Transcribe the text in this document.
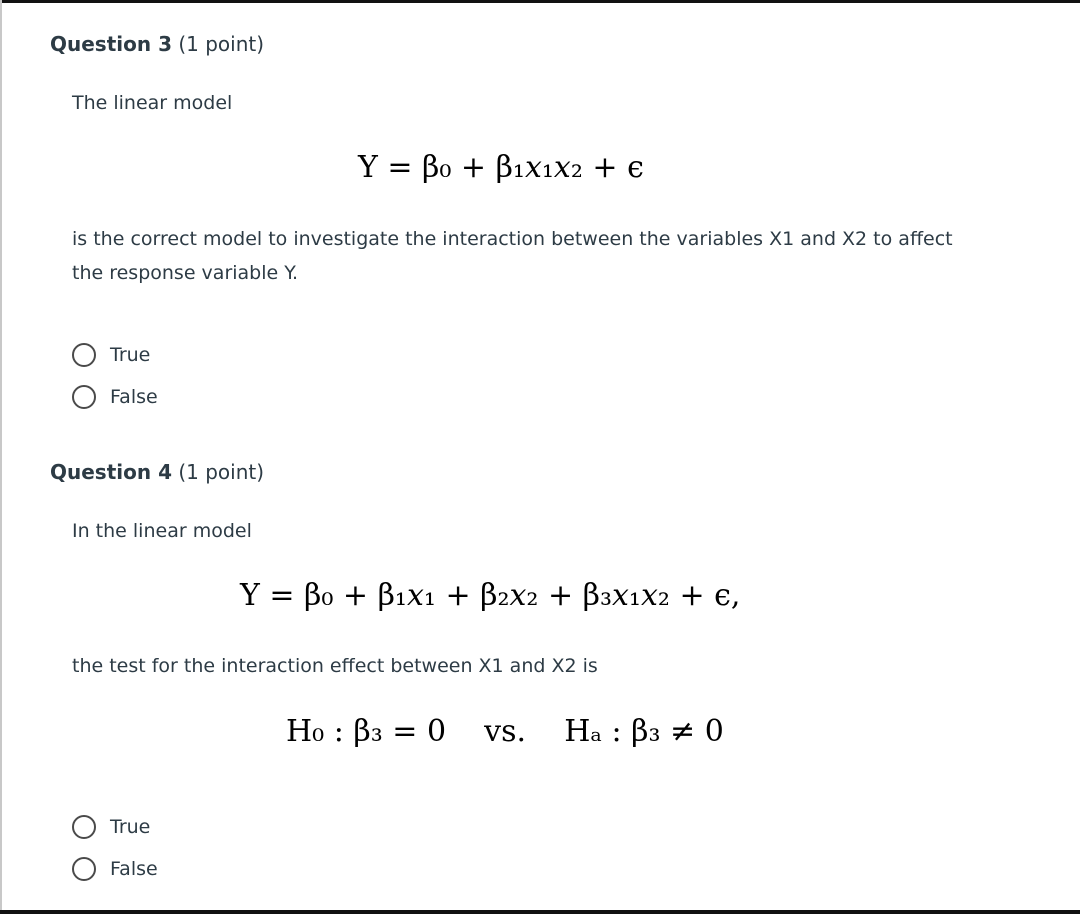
Question 3 (1 point)
The linear model
Y = β₀ + β₁𝑥₁𝑥₂ + ϵ
is the correct model to investigate the interaction between the variables X1 and X2 to affect the response variable Y.
True
False
Question 4 (1 point)
In the linear model
Y = β₀ + β₁𝑥₁ + β₂𝑥₂ + β₃𝑥₁𝑥₂ + ϵ,
the test for the interaction effect between X1 and X2 is
H₀ : β₃ = 0    vs.    Hₐ : β₃ ≠ 0
True
False
